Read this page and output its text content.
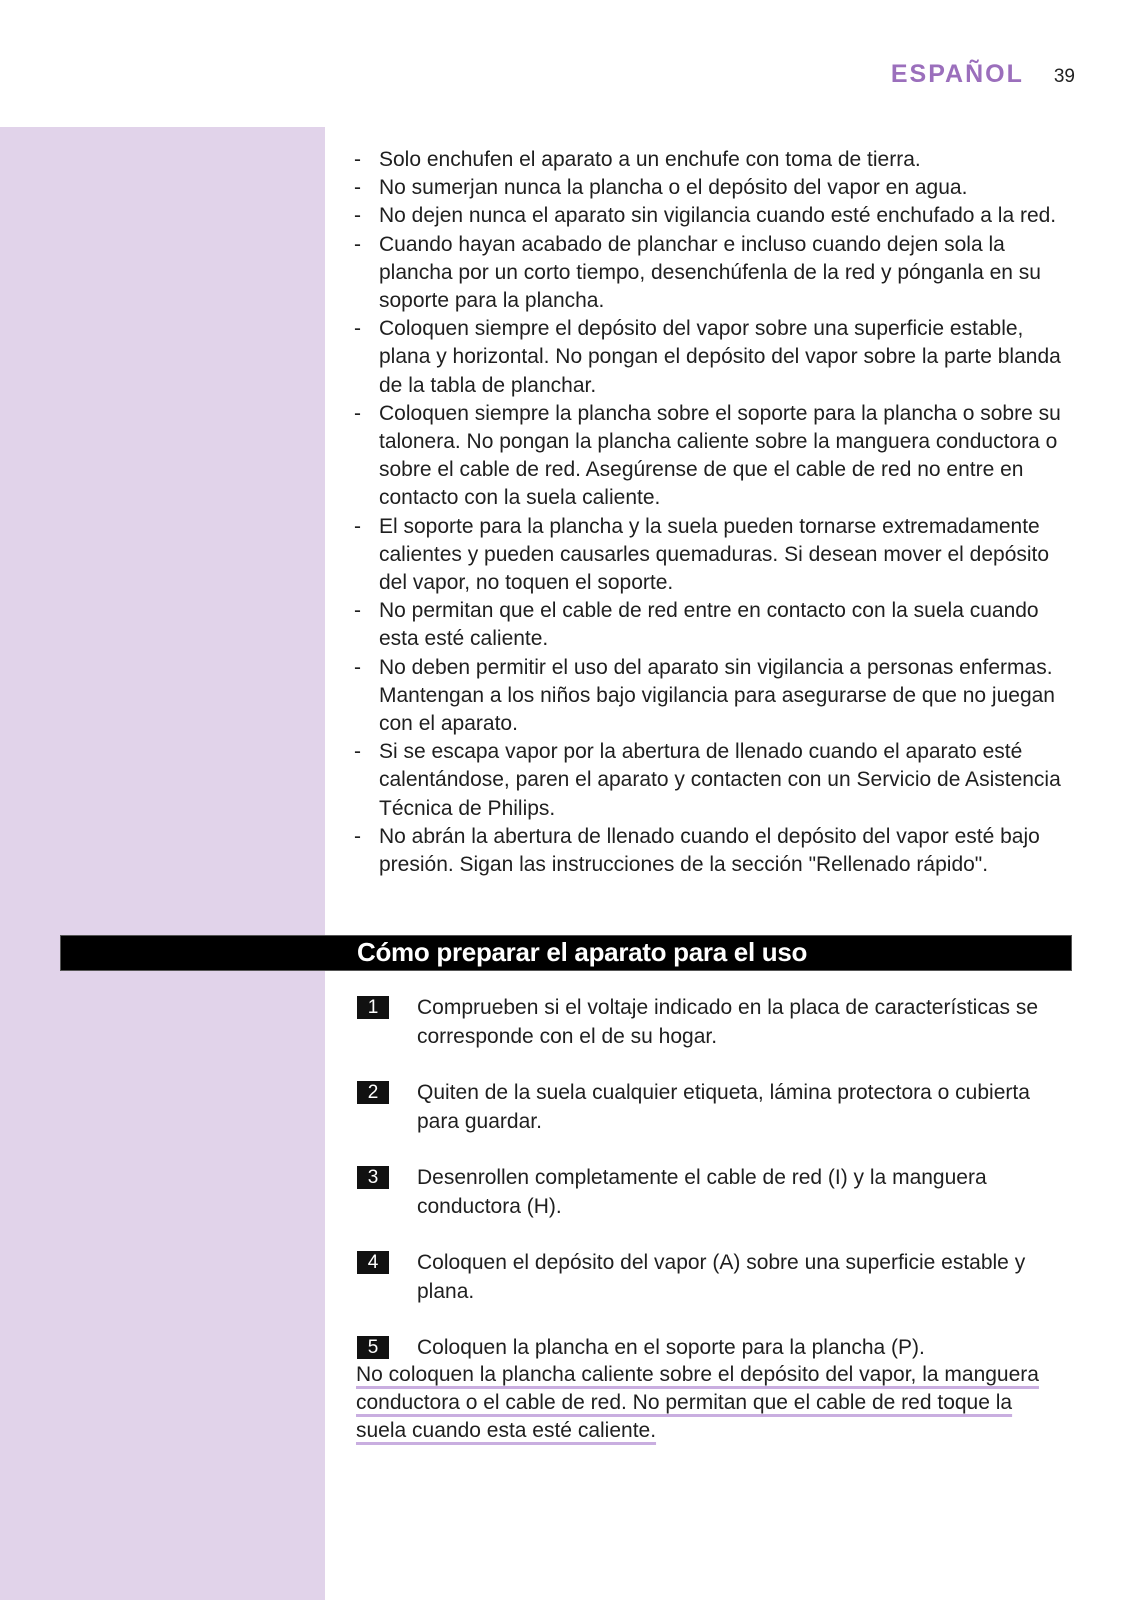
ESPAÑOL 39
- Solo enchufen el aparato a un enchufe con toma de tierra.
- No sumerjan nunca la plancha o el depósito del vapor en agua.
- No dejen nunca el aparato sin vigilancia cuando esté enchufado a la red.
- Cuando hayan acabado de planchar e incluso cuando dejen sola la plancha por un corto tiempo, desenchúfenla de la red y pónganla en su soporte para la plancha.
- Coloquen siempre el depósito del vapor sobre una superficie estable, plana y horizontal. No pongan el depósito del vapor sobre la parte blanda de la tabla de planchar.
- Coloquen siempre la plancha sobre el soporte para la plancha o sobre su talonera. No pongan la plancha caliente sobre la manguera conductora o sobre el cable de red. Asegúrense de que el cable de red no entre en contacto con la suela caliente.
- El soporte para la plancha y la suela pueden tornarse extremadamente calientes y pueden causarles quemaduras. Si desean mover el depósito del vapor, no toquen el soporte.
- No permitan que el cable de red entre en contacto con la suela cuando esta esté caliente.
- No deben permitir el uso del aparato sin vigilancia a personas enfermas. Mantengan a los niños bajo vigilancia para asegurarse de que no juegan con el aparato.
- Si se escapa vapor por la abertura de llenado cuando el aparato esté calentándose, paren el aparato y contacten con un Servicio de Asistencia Técnica de Philips.
- No abrán la abertura de llenado cuando el depósito del vapor esté bajo presión. Sigan las instrucciones de la sección "Rellenado rápido".
Cómo preparar el aparato para el uso
1	Comprueben si el voltaje indicado en la placa de características se corresponde con el de su hogar.
2	Quiten de la suela cualquier etiqueta, lámina protectora o cubierta para guardar.
3	Desenrollen completamente el cable de red (I) y la manguera conductora (H).
4	Coloquen el depósito del vapor (A) sobre una superficie estable y plana.
5	Coloquen la plancha en el soporte para la plancha (P).

No coloquen la plancha caliente sobre el depósito del vapor, la manguera conductora o el cable de red. No permitan que el cable de red toque la suela cuando esta esté caliente.
